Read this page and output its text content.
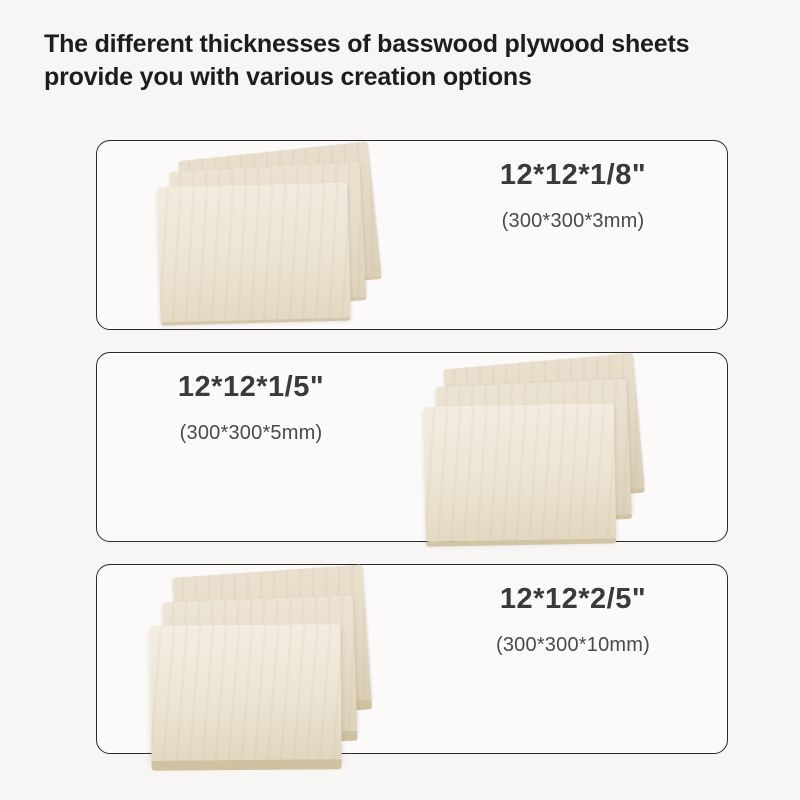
The different thicknesses of basswood plywood sheets provide you with various creation options
12*12*1/8"
(300*300*3mm)
12*12*1/5"
(300*300*5mm)
12*12*2/5"
(300*300*10mm)
